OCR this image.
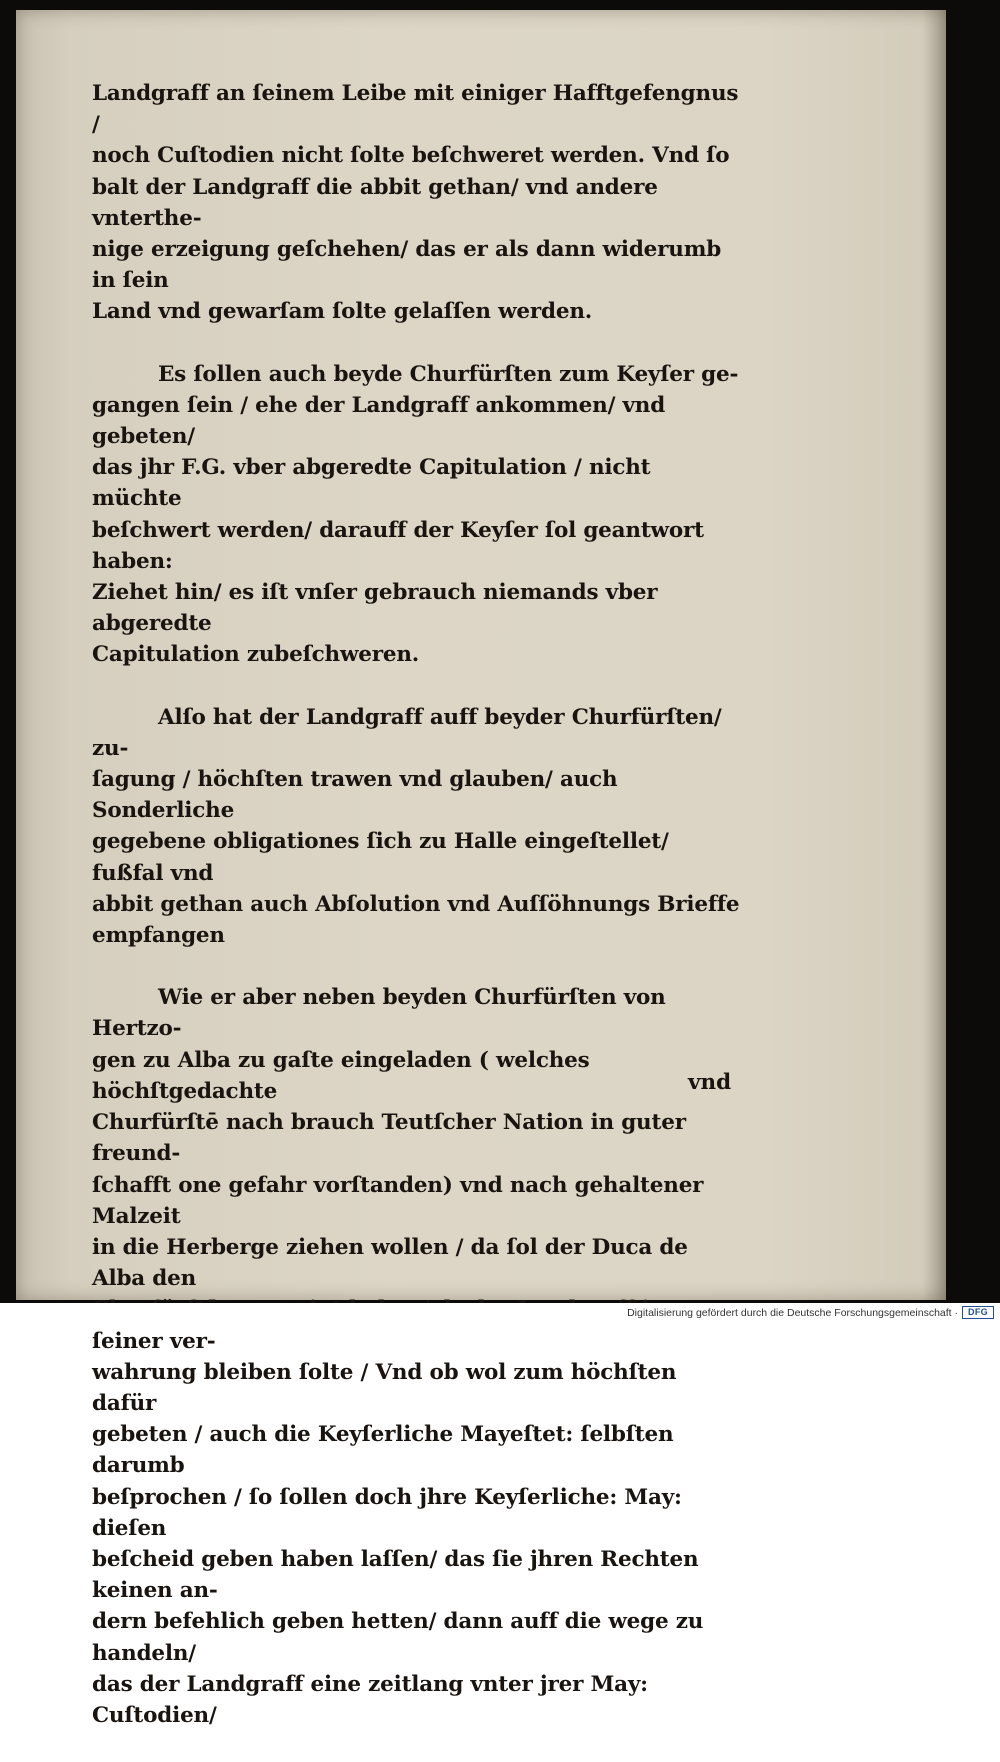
Landgraff an ſeinem Leibe mit einiger Hafftgefengnus /
noch Cuſtodien nicht ſolte beſchweret werden. Vnd ſo
balt der Landgraff die abbit gethan/ vnd andere vnterthe-
nige erzeigung geſchehen/ das er als dann widerumb in ſein
Land vnd gewarſam ſolte gelaſſen werden.

Es ſollen auch beyde Churfürſten zum Keyſer ge-
gangen ſein / ehe der Landgraff ankommen/ vnd gebeten/
das jhr F.G. vber abgeredte Capitulation / nicht müchte
beſchwert werden/ darauff der Keyſer ſol geantwort haben:
Ziehet hin/ es iſt vnſer gebrauch niemands vber abgeredte
Capitulation zubeſchweren.

Alſo hat der Landgraff auff beyder Churfürſten/ zu-
ſagung / höchſten trawen vnd glauben/ auch Sonderliche
gegebene obligationes ſich zu Halle eingeſtellet/ fußfal vnd
abbit gethan auch Abſolution vnd Auſſöhnungs Brieffe
empfangen

Wie er aber neben beyden Churfürſten von Hertzo-
gen zu Alba zu gaſte eingeladen ( welches höchſtgedachte
Churfürſtē nach brauch Teutſcher Nation in guter freund-
ſchafft one gefahr vorſtanden) vnd nach gehaltener Malzeit
in die Herberge ziehen wollen / da ſol der Duca de Alba den
ſeiner ver-
wahrung bleiben ſolte / Vnd ob wol zum höchſten dafür
gebeten / auch die Keyſerliche Mayeſtet: ſelbſten darumb
beſprochen / ſo ſollen doch jhre Keyſerliche: May: dieſen
beſcheid geben haben laſſen/ das ſie jhren Rechten keinen an-
dern befehlich geben hetten/ dann auff die wege zu handeln/
das der Landgraff eine zeitlang vnter jrer May: Cuſtodien/

vnd
Digitalisierung gefördert durch die Deutsche Forschungsgemeinschaft ·	DFG
